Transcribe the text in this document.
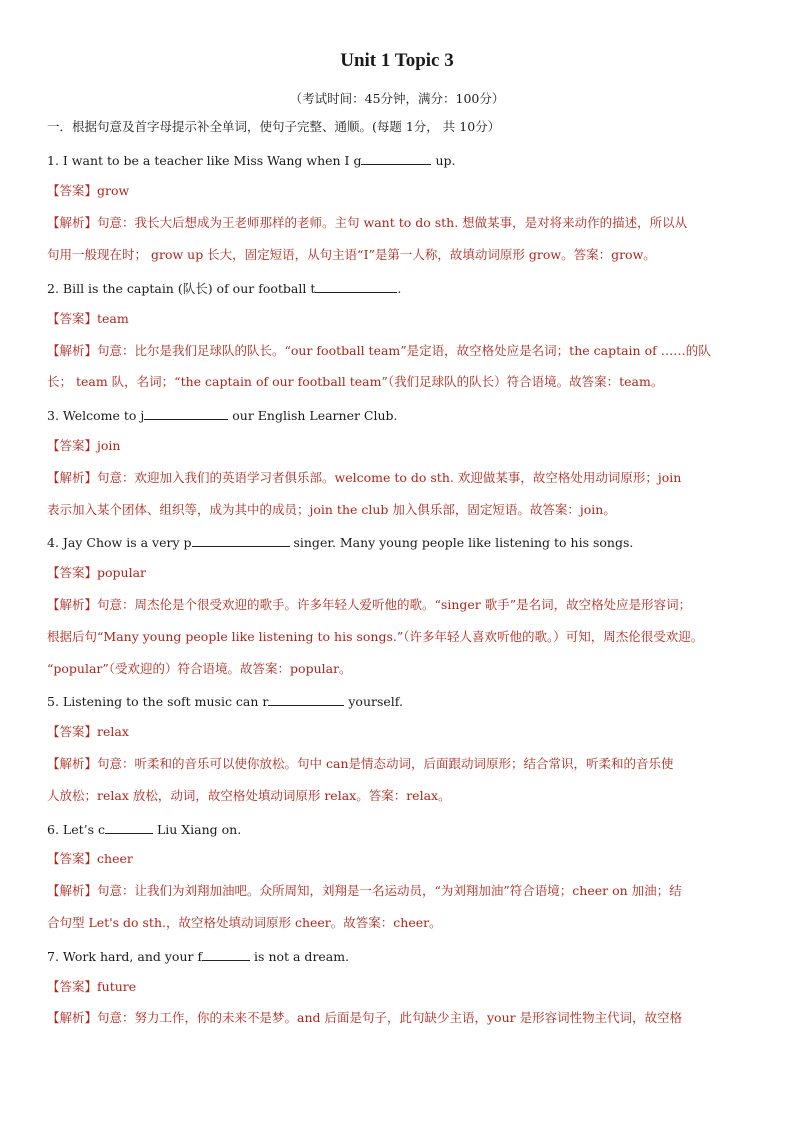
Unit 1 Topic 3
（考试时间：45分钟，满分：100分）
一．根据句意及首字母提示补全单词，使句子完整、通顺。(每题 1分， 共 10分）
1. I want to be a teacher like Miss Wang when I g	up.
【答案】grow
【解析】句意：我长大后想成为王老师那样的老师。主句 want to do sth. 想做某事，是对将来动作的描述，所以从
句用一般现在时； grow up 长大，固定短语，从句主语“I”是第一人称，故填动词原形 grow。答案：grow。
2. Bill is the captain (队长) of our football t	.
【答案】team
【解析】句意：比尔是我们足球队的队长。“our football team”是定语，故空格处应是名词；the captain of ……的队
长； team 队，名词；“the captain of our football team”（我们足球队的队长）符合语境。故答案：team。
3. Welcome to j	our English Learner Club.
【答案】join
【解析】句意：欢迎加入我们的英语学习者俱乐部。welcome to do sth. 欢迎做某事，故空格处用动词原形；join
表示加入某个团体、组织等，成为其中的成员；join the club 加入俱乐部，固定短语。故答案：join。
4. Jay Chow is a very p	singer. Many young people like listening to his songs.
【答案】popular
【解析】句意：周杰伦是个很受欢迎的歌手。许多年轻人爱听他的歌。“singer 歌手”是名词，故空格处应是形容词；
根据后句“Many young people like listening to his songs.”（许多年轻人喜欢听他的歌。）可知，周杰伦很受欢迎。
“popular”（受欢迎的）符合语境。故答案：popular。
5. Listening to the soft music can r	yourself.
【答案】relax
【解析】句意：听柔和的音乐可以使你放松。句中 can是情态动词，后面跟动词原形；结合常识，听柔和的音乐使
人放松；relax 放松，动词，故空格处填动词原形 relax。答案：relax。
6. Let’s c	Liu Xiang on.
【答案】cheer
【解析】句意：让我们为刘翔加油吧。众所周知，刘翔是一名运动员，“为刘翔加油”符合语境；cheer on 加油；结
合句型 Let's do sth.，故空格处填动词原形 cheer。故答案：cheer。
7. Work hard, and your f	is not a dream.
【答案】future
【解析】句意：努力工作，你的未来不是梦。and 后面是句子，此句缺少主语，your 是形容词性物主代词，故空格
